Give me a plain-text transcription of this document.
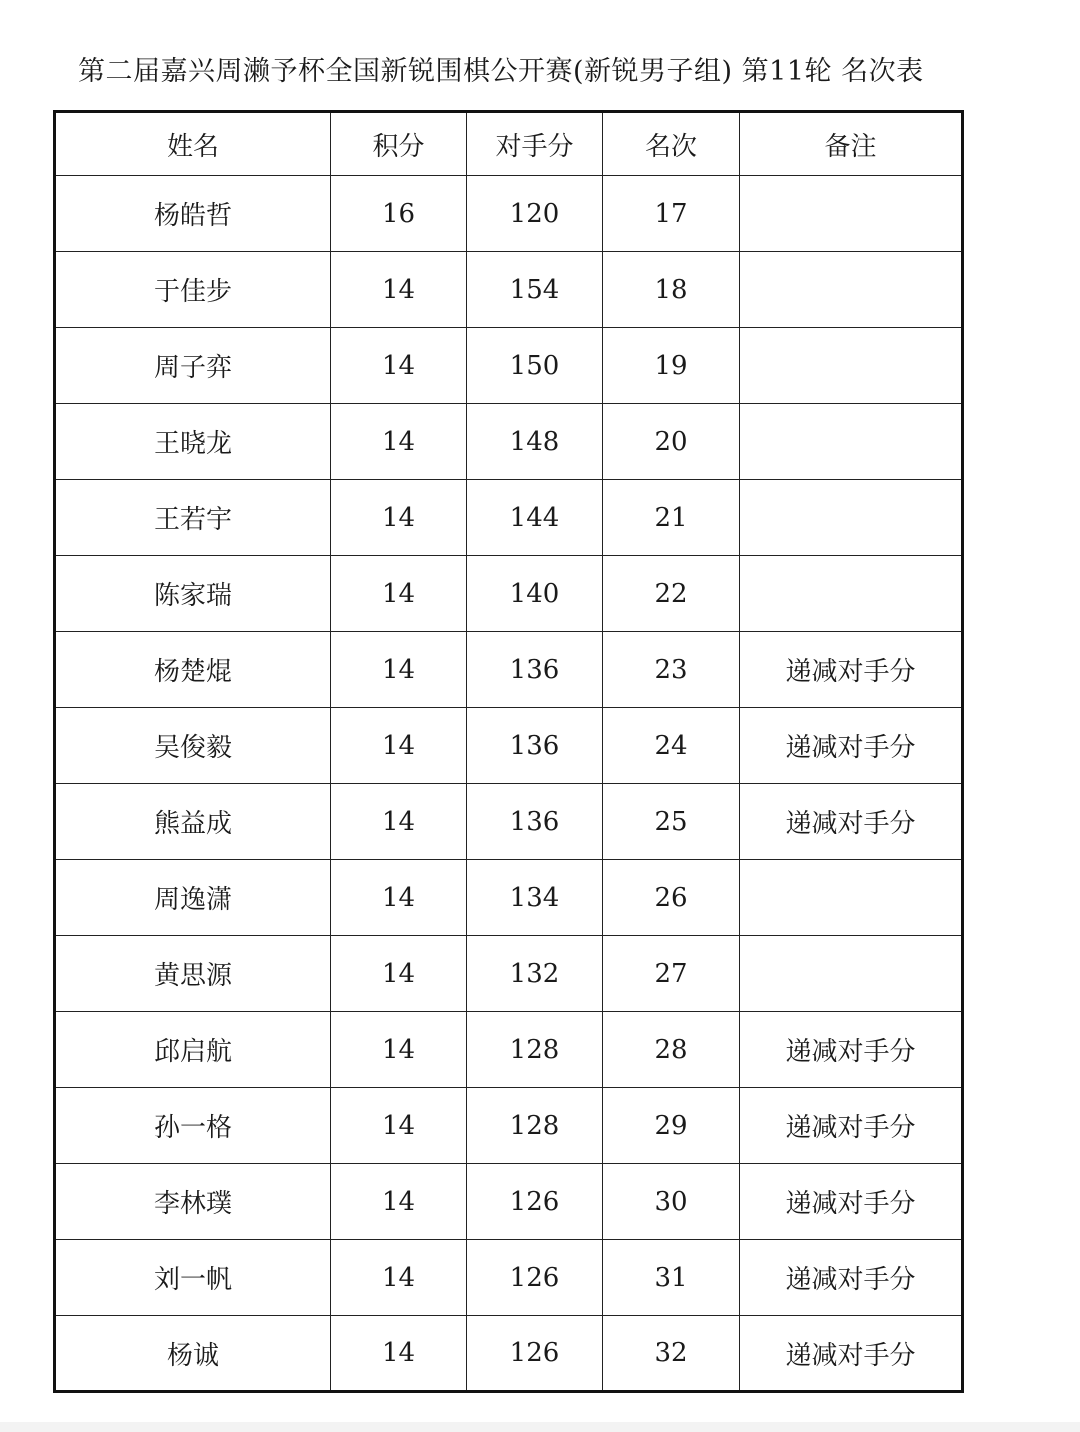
第二届嘉兴周濑予杯全国新锐围棋公开赛(新锐男子组) 第11轮 名次表
姓名	积分	对手分	名次	备注
杨皓哲	16	120	17	
于佳步	14	154	18	
周子弈	14	150	19	
王晓龙	14	148	20	
王若宇	14	144	21	
陈家瑞	14	140	22	
杨楚焜	14	136	23	递减对手分
吴俊毅	14	136	24	递减对手分
熊益成	14	136	25	递减对手分
周逸潇	14	134	26	
黄思源	14	132	27	
邱启航	14	128	28	递减对手分
孙一格	14	128	29	递减对手分
李林璞	14	126	30	递减对手分
刘一帆	14	126	31	递减对手分
杨诚	14	126	32	递减对手分
